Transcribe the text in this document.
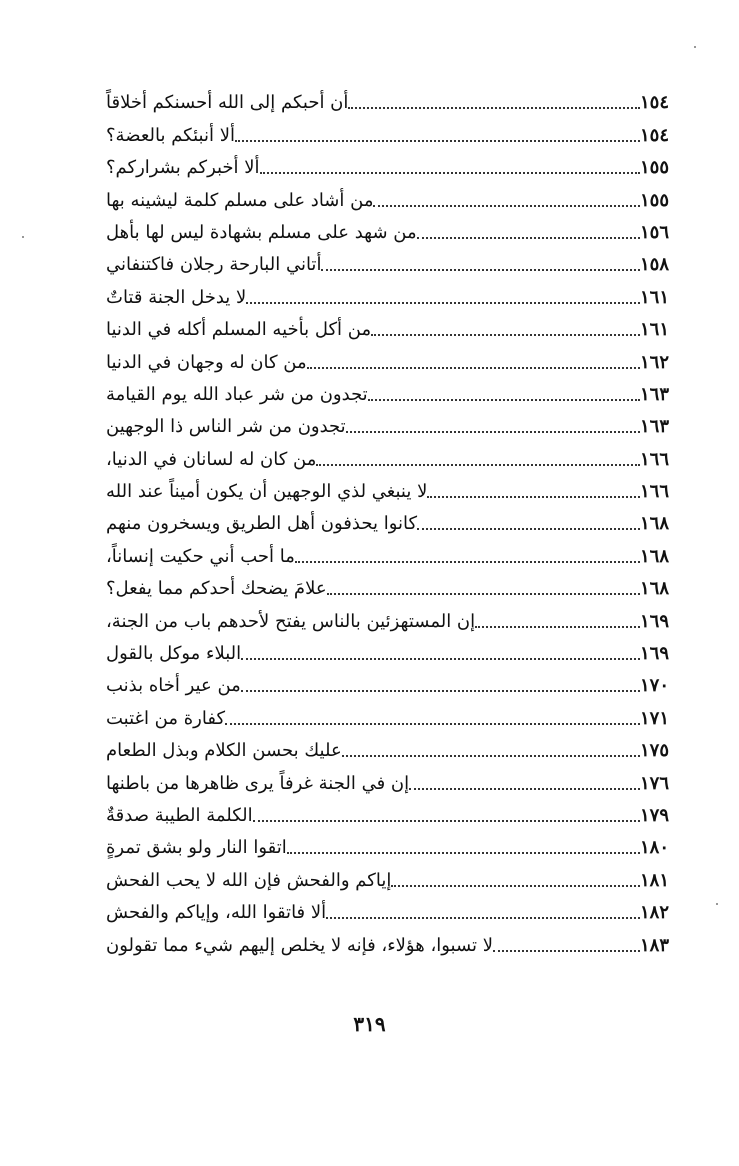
أن أحبكم إلى الله أحسنكم أخلاقاً	١٥٤
ألا أنبئكم بالعضة؟	١٥٤
ألا أخبركم بشراركم؟	١٥٥
من أشاد على مسلم كلمة ليشينه بها	١٥٥
من شهد على مسلم بشهادة ليس لها بأهل	١٥٦
أتاني البارحة رجلان فاكتنفاني	١٥٨
لا يدخل الجنة قتاتٌ	١٦١
من أكل بأخيه المسلم أكله في الدنيا	١٦١
من كان له وجهان في الدنيا	١٦٢
تجدون من شر عباد الله يوم القيامة	١٦٣
تجدون من شر الناس ذا الوجهين	١٦٣
من كان له لسانان في الدنيا،	١٦٦
لا ينبغي لذي الوجهين أن يكون أميناً عند الله	١٦٦
كانوا يحذفون أهل الطريق ويسخرون منهم	١٦٨
ما أحب أني حكيت إنساناً،	١٦٨
علامَ يضحك أحدكم مما يفعل؟	١٦٨
إن المستهزئين بالناس يفتح لأحدهم باب من الجنة،	١٦٩
البلاء موكل بالقول	١٦٩
من عير أخاه بذنب	١٧٠
كفارة من اغتبت	١٧١
عليك بحسن الكلام وبذل الطعام	١٧٥
إن في الجنة غرفاً يرى ظاهرها من باطنها	١٧٦
الكلمة الطيبة صدقةٌ	١٧٩
اتقوا النار ولو بشق تمرةٍ	١٨٠
إياكم والفحش فإن الله لا يحب الفحش	١٨١
ألا فاتقوا الله، وإياكم والفحش	١٨٢
لا تسبوا، هؤلاء، فإنه لا يخلص إليهم شيء مما تقولون	١٨٣
٣١٩
